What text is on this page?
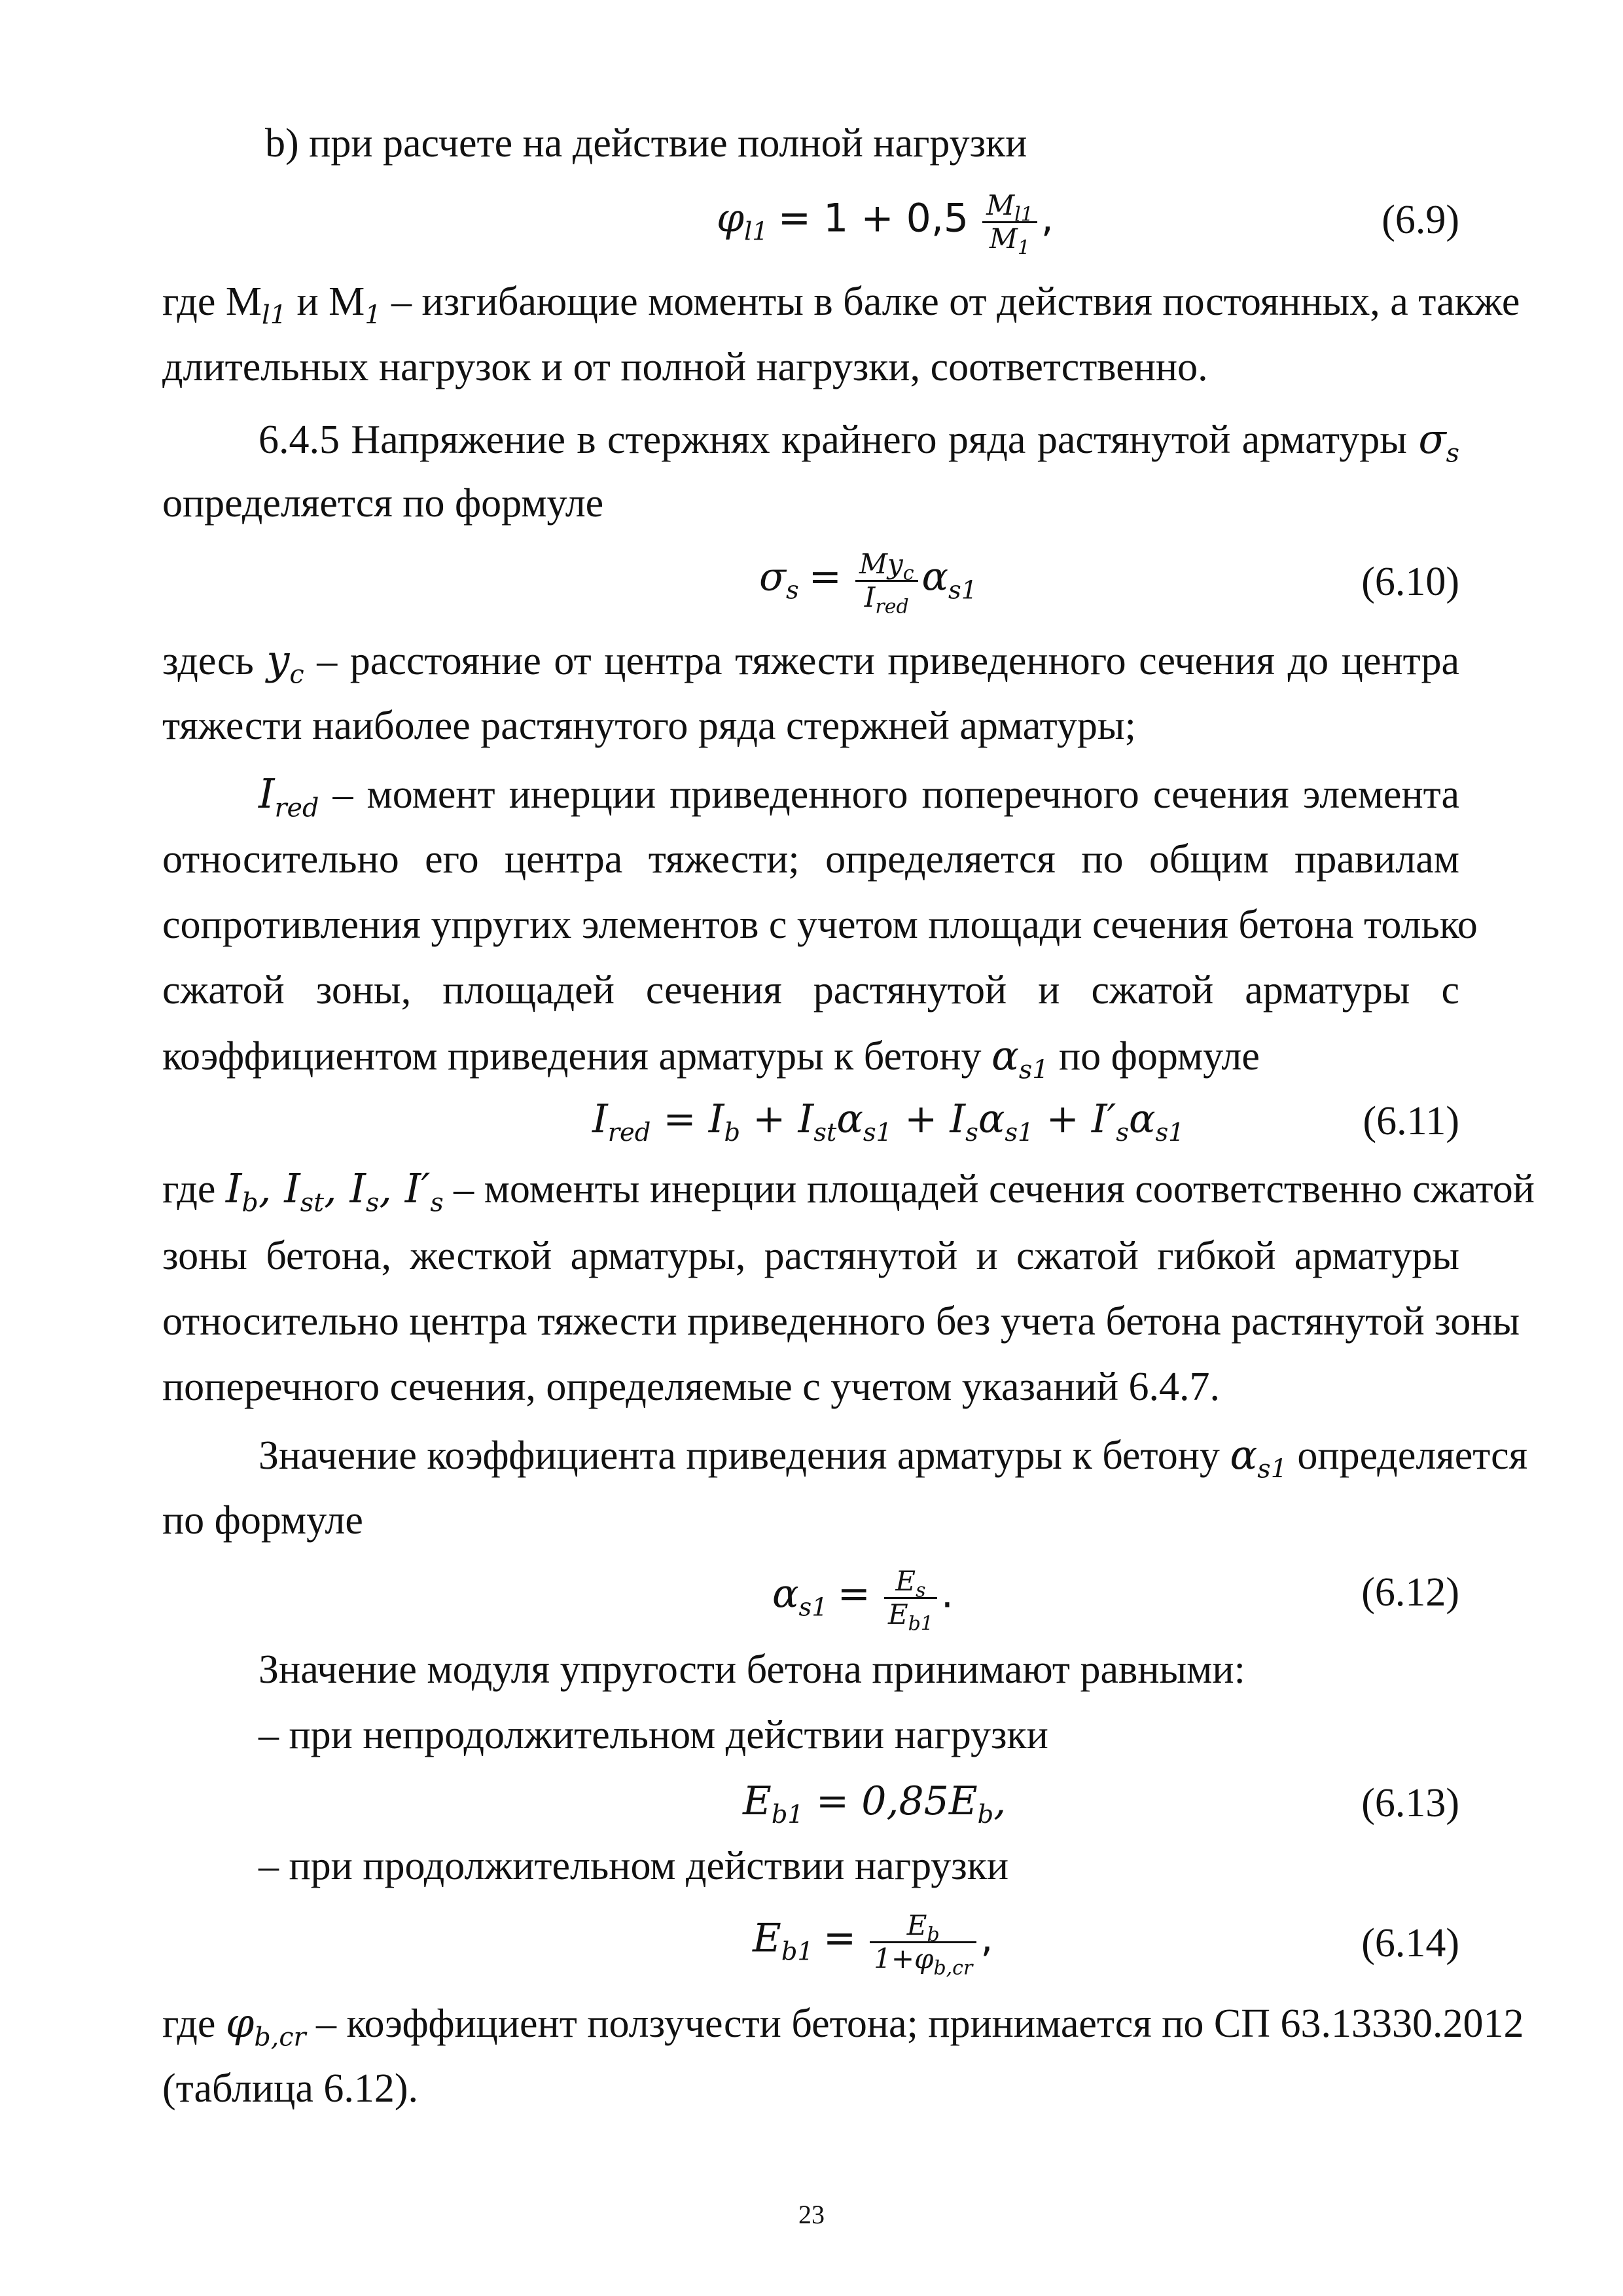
b) при расчете на действие полной нагрузки
$\varphi_{l1} = 1 + 0,5 \frac{M_{l1}}{M_1}$ ,	(6.9)
где $M_{l1}$ и $M_1$ – изгибающие моменты в балке от действия постоянных, а также
длительных нагрузок и от полной нагрузки, соответственно.
6.4.5 Напряжение в стержнях крайнего ряда растянутой арматуры $\sigma_s$
определяется по формуле
$\sigma_s = \frac{My_c}{I_{red}} \alpha_{s1}$	(6.10)
здесь $y_c$ – расстояние от центра тяжести приведенного сечения до центра
тяжести наиболее растянутого ряда стержней арматуры;
$I_{red}$ – момент инерции приведенного поперечного сечения элемента
относительно его центра тяжести; определяется по общим правилам
сопротивления упругих элементов с учетом площади сечения бетона только
сжатой зоны, площадей сечения растянутой и сжатой арматуры с
коэффициентом приведения арматуры к бетону $\alpha_{s1}$ по формуле
$I_{red} = I_b + I_{st}\alpha_{s1} + I_s\alpha_{s1} + I'_s\alpha_{s1}$	(6.11)
где $I_b$, $I_{st}$, $I_s$, $I'_s$ – моменты инерции площадей сечения соответственно сжатой
зоны бетона, жесткой арматуры, растянутой и сжатой гибкой арматуры
относительно центра тяжести приведенного без учета бетона растянутой зоны
поперечного сечения, определяемые с учетом указаний 6.4.7.
Значение коэффициента приведения арматуры к бетону $\alpha_{s1}$ определяется
по формуле
$\alpha_{s1} = \frac{E_s}{E_{b1}}$ .	(6.12)
Значение модуля упругости бетона принимают равными:
– при непродолжительном действии нагрузки
$E_{b1} = 0,85E_b$,	(6.13)
– при продолжительном действии нагрузки
$E_{b1} = \frac{E_b}{1+\varphi_{b,cr}}$ ,	(6.14)
где $\varphi_{b,cr}$ – коэффициент ползучести бетона; принимается по СП 63.13330.2012
(таблица 6.12).
23
